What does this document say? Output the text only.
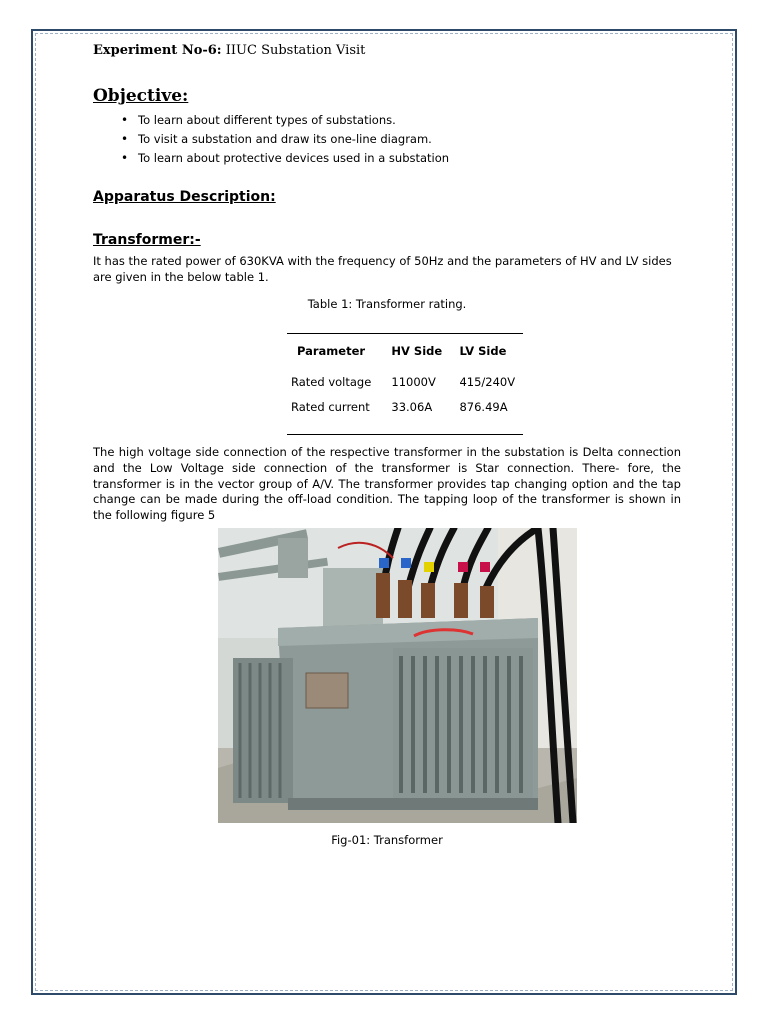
Experiment No-6: IIUC Substation Visit
Objective:
• To learn about different types of substations.
• To visit a substation and draw its one-line diagram.
• To learn about protective devices used in a substation
Apparatus Description:
Transformer:-

It has the rated power of 630KVA with the frequency of 50Hz and the parameters of HV and LV sides are given in the below table 1.

Table 1: Transformer rating.
Parameter	HV Side	LV Side
Rated voltage	11000V	415/240V
Rated current	33.06A	876.49A

The high voltage side connection of the respective transformer in the substation is Delta connection and the Low Voltage side connection of the transformer is Star connection. There- fore, the transformer is in the vector group of A/V. The transformer provides tap changing option and the tap change can be made during the off-load condition. The tapping loop of the transformer is shown in the following figure 5

Fig-01: Transformer
